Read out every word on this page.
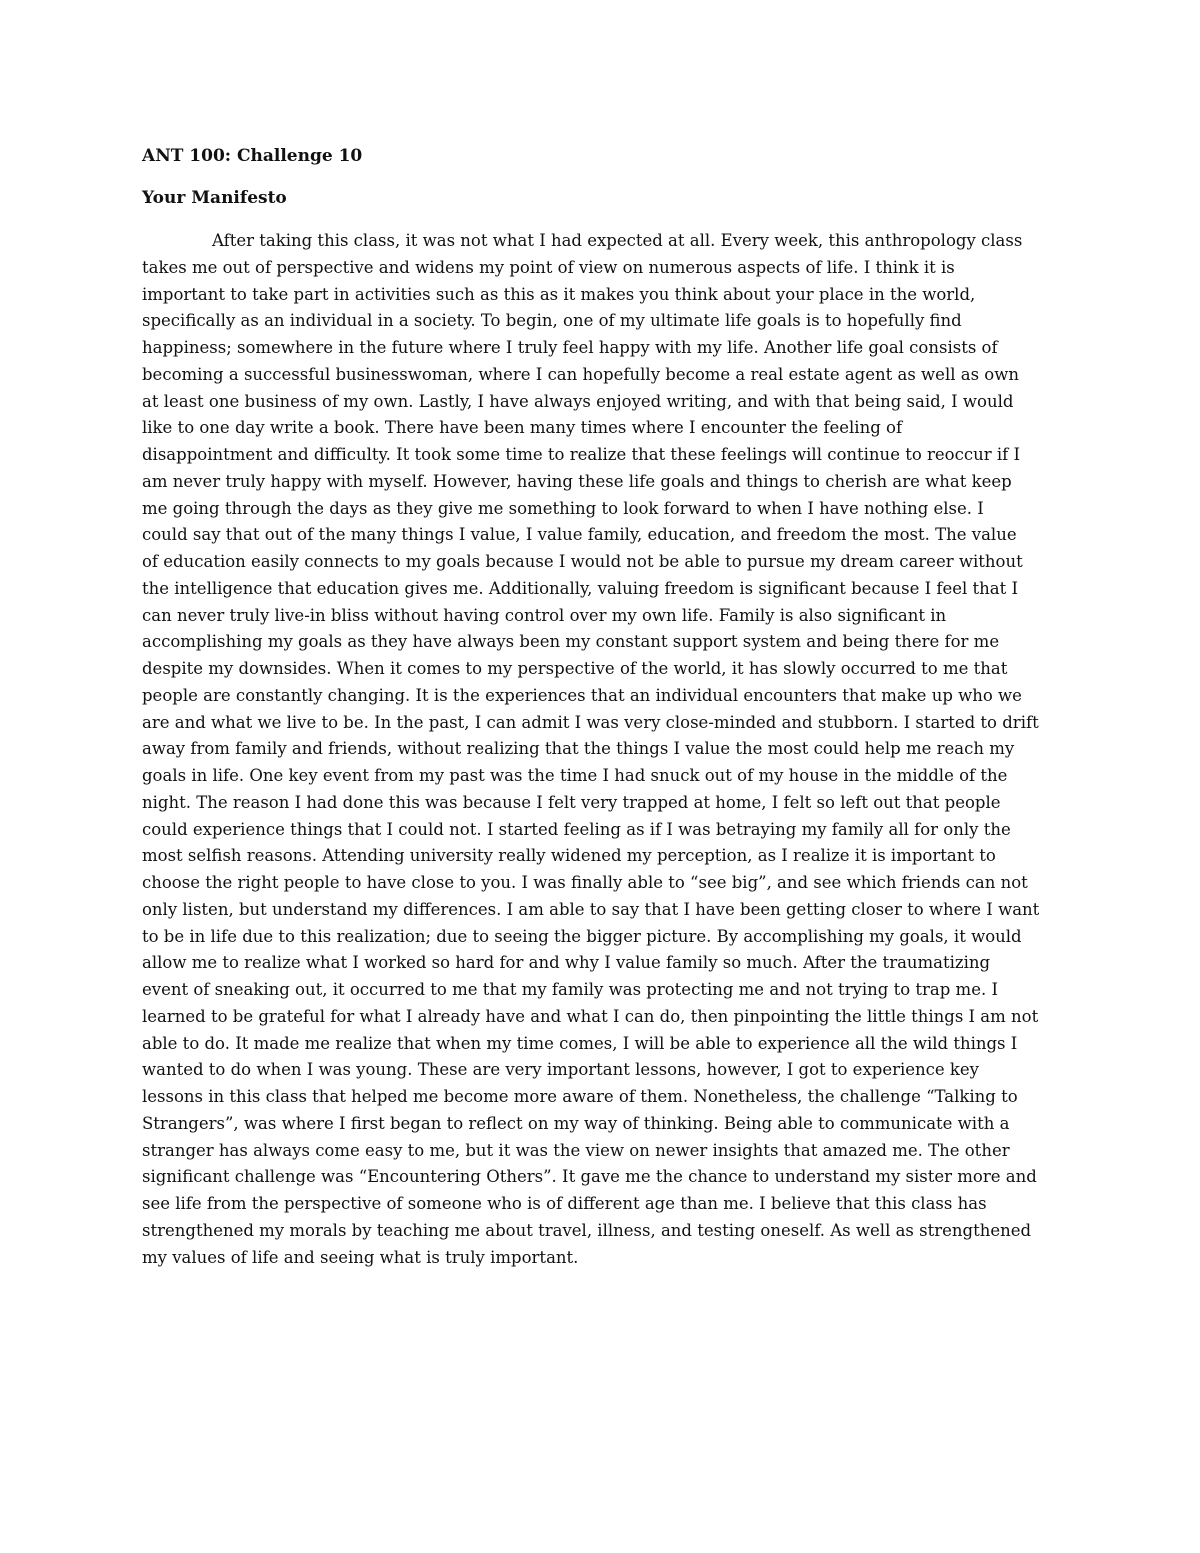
ANT 100: Challenge 10
Your Manifesto
After taking this class, it was not what I had expected at all. Every week, this anthropology class
takes me out of perspective and widens my point of view on numerous aspects of life. I think it is
important to take part in activities such as this as it makes you think about your place in the world,
specifically as an individual in a society. To begin, one of my ultimate life goals is to hopefully find
happiness; somewhere in the future where I truly feel happy with my life. Another life goal consists of
becoming a successful businesswoman, where I can hopefully become a real estate agent as well as own
at least one business of my own. Lastly, I have always enjoyed writing, and with that being said, I would
like to one day write a book. There have been many times where I encounter the feeling of
disappointment and difficulty. It took some time to realize that these feelings will continue to reoccur if I
am never truly happy with myself. However, having these life goals and things to cherish are what keep
me going through the days as they give me something to look forward to when I have nothing else. I
could say that out of the many things I value, I value family, education, and freedom the most. The value
of education easily connects to my goals because I would not be able to pursue my dream career without
the intelligence that education gives me. Additionally, valuing freedom is significant because I feel that I
can never truly live-in bliss without having control over my own life. Family is also significant in
accomplishing my goals as they have always been my constant support system and being there for me
despite my downsides. When it comes to my perspective of the world, it has slowly occurred to me that
people are constantly changing. It is the experiences that an individual encounters that make up who we
are and what we live to be. In the past, I can admit I was very close-minded and stubborn. I started to drift
away from family and friends, without realizing that the things I value the most could help me reach my
goals in life. One key event from my past was the time I had snuck out of my house in the middle of the
night. The reason I had done this was because I felt very trapped at home, I felt so left out that people
could experience things that I could not. I started feeling as if I was betraying my family all for only the
most selfish reasons. Attending university really widened my perception, as I realize it is important to
choose the right people to have close to you. I was finally able to “see big”, and see which friends can not
only listen, but understand my differences. I am able to say that I have been getting closer to where I want
to be in life due to this realization; due to seeing the bigger picture. By accomplishing my goals, it would
allow me to realize what I worked so hard for and why I value family so much. After the traumatizing
event of sneaking out, it occurred to me that my family was protecting me and not trying to trap me. I
learned to be grateful for what I already have and what I can do, then pinpointing the little things I am not
able to do. It made me realize that when my time comes, I will be able to experience all the wild things I
wanted to do when I was young. These are very important lessons, however, I got to experience key
lessons in this class that helped me become more aware of them. Nonetheless, the challenge “Talking to
Strangers”, was where I first began to reflect on my way of thinking. Being able to communicate with a
stranger has always come easy to me, but it was the view on newer insights that amazed me. The other
significant challenge was “Encountering Others”. It gave me the chance to understand my sister more and
see life from the perspective of someone who is of different age than me. I believe that this class has
strengthened my morals by teaching me about travel, illness, and testing oneself. As well as strengthened
my values of life and seeing what is truly important.
